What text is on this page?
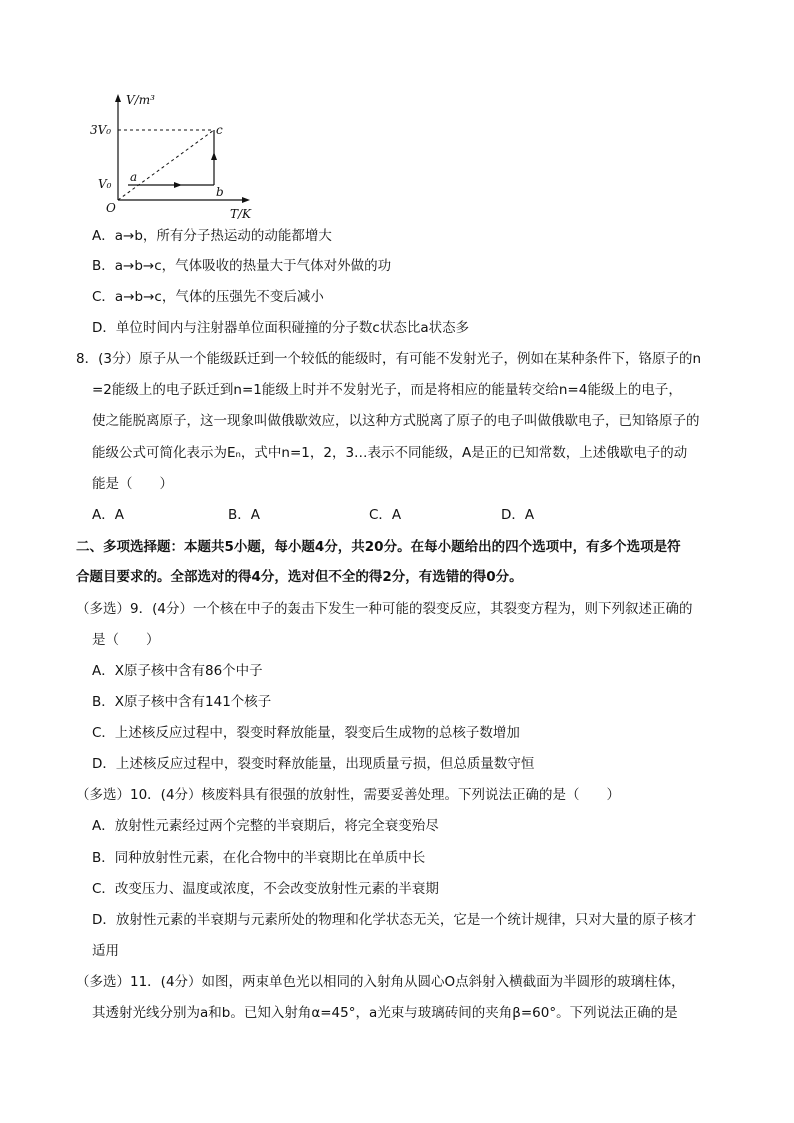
V/m³
T/K
O
3V₀
V₀ a
b
c
A．a→b，所有分子热运动的动能都增大
B．a→b→c，气体吸收的热量大于气体对外做的功
C．a→b→c，气体的压强先不变后减小
D．单位时间内与注射器单位面积碰撞的分子数c状态比a状态多
8．(3分）原子从一个能级跃迁到一个较低的能级时，有可能不发射光子，例如在某种条件下，铬原子的n
=2能级上的电子跃迁到n=1能级上时并不发射光子，而是将相应的能量转交给n=4能级上的电子，
使之能脱离原子，这一现象叫做俄歇效应，以这种方式脱离了原子的电子叫做俄歇电子，已知铬原子的
能级公式可简化表示为Eₙ，式中n=1，2，3…表示不同能级，A是正的已知常数，上述俄歇电子的动
能是（　　）
A．A	B．A	C．A	D．A
二、多项选择题：本题共5小题，每小题4分，共20分。在每小题给出的四个选项中，有多个选项是符
合题目要求的。全部选对的得4分，选对但不全的得2分，有选错的得0分。
（多选）9．(4分）一个核在中子的轰击下发生一种可能的裂变反应，其裂变方程为，则下列叙述正确的
是（　　）
A．X原子核中含有86个中子
B．X原子核中含有141个核子
C．上述核反应过程中，裂变时释放能量，裂变后生成物的总核子数增加
D．上述核反应过程中，裂变时释放能量，出现质量亏损，但总质量数守恒
（多选）10．(4分）核废料具有很强的放射性，需要妥善处理。下列说法正确的是（　　）
A．放射性元素经过两个完整的半衰期后，将完全衰变殆尽
B．同种放射性元素，在化合物中的半衰期比在单质中长
C．改变压力、温度或浓度，不会改变放射性元素的半衰期
D．放射性元素的半衰期与元素所处的物理和化学状态无关，它是一个统计规律，只对大量的原子核才
适用
（多选）11．(4分）如图，两束单色光以相同的入射角从圆心O点斜射入横截面为半圆形的玻璃柱体，
其透射光线分别为a和b。已知入射角α=45°，a光束与玻璃砖间的夹角β=60°。下列说法正确的是
